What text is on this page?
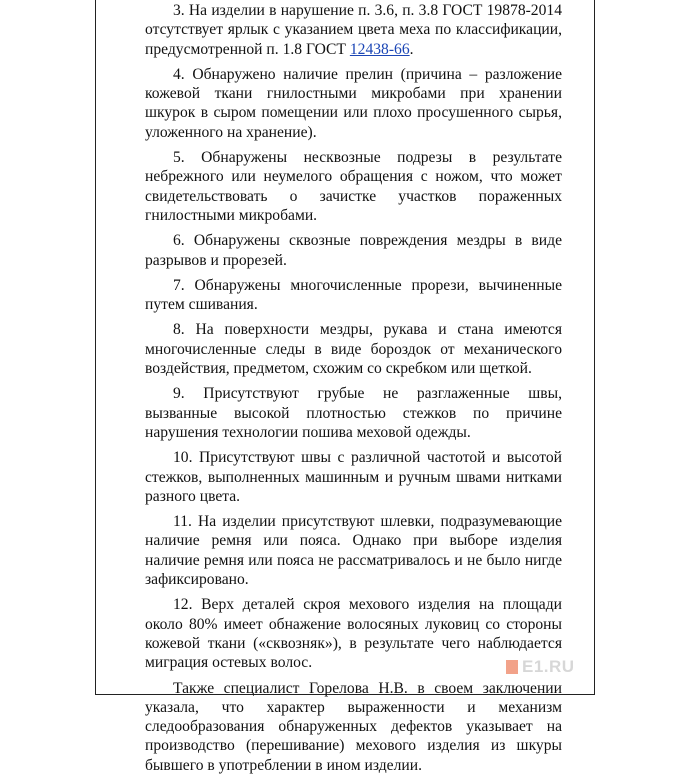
3. На изделии в нарушение п. 3.6, п. 3.8 ГОСТ 19878-2014 отсутствует ярлык с указанием цвета меха по классификации, предусмотренной п. 1.8 ГОСТ 12438-66.

4. Обнаружено наличие прелин (причина – разложение кожевой ткани гнилостными микробами при хранении шкурок в сыром помещении или плохо просушенного сырья, уложенного на хранение).

5. Обнаружены несквозные подрезы в результате небрежного или неумелого обращения с ножом, что может свидетельствовать о зачистке участков пораженных гнилостными микробами.

6. Обнаружены сквозные повреждения мездры в виде разрывов и прорезей.

7. Обнаружены многочисленные прорези, вычиненные путем сшивания.

8. На поверхности мездры, рукава и стана имеются многочисленные следы в виде бороздок от механического воздействия, предметом, схожим со скребком или щеткой.

9. Присутствуют грубые не разглаженные швы, вызванные высокой плотностью стежков по причине нарушения технологии пошива меховой одежды.

10. Присутствуют швы с различной частотой и высотой стежков, выполненных машинным и ручным швами нитками разного цвета.

11. На изделии присутствуют шлевки, подразумевающие наличие ремня или пояса. Однако при выборе изделия наличие ремня или пояса не рассматривалось и не было нигде зафиксировано.

12. Верх деталей скроя мехового изделия на площади около 80% имеет обнажение волосяных луковиц со стороны кожевой ткани («сквозняк»), в результате чего наблюдается миграция остевых волос.

Также специалист Горелова Н.В. в своем заключении указала, что характер выраженности и механизм следообразования обнаруженных дефектов указывает на производство (перешивание) мехового изделия из шкуры бывшего в употреблении в ином изделии.

E1.RU
